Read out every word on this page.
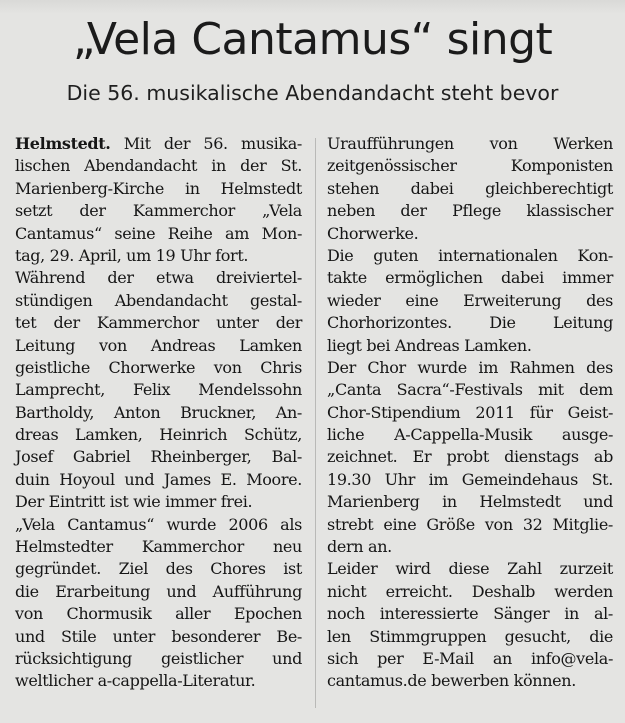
„Vela Cantamus“ singt
Die 56. musikalische Abendandacht steht bevor
Helmstedt. Mit der 56. musika-
lischen Abendandacht in der St.
Marienberg-Kirche in Helmstedt
setzt der Kammerchor „Vela
Cantamus“ seine Reihe am Mon-
tag, 29. April, um 19 Uhr fort.
Während der etwa dreiviertel-
stündigen Abendandacht gestal-
tet der Kammerchor unter der
Leitung von Andreas Lamken
geistliche Chorwerke von Chris
Lamprecht, Felix Mendelssohn
Bartholdy, Anton Bruckner, An-
dreas Lamken, Heinrich Schütz,
Josef Gabriel Rheinberger, Bal-
duin Hoyoul und James E. Moore.
Der Eintritt ist wie immer frei.
„Vela Cantamus“ wurde 2006 als
Helmstedter Kammerchor neu
gegründet. Ziel des Chores ist
die Erarbeitung und Aufführung
von Chormusik aller Epochen
und Stile unter besonderer Be-
rücksichtigung geistlicher und
weltlicher a-cappella-Literatur.
Uraufführungen von Werken
zeitgenössischer Komponisten
stehen dabei gleichberechtigt
neben der Pflege klassischer
Chorwerke.
Die guten internationalen Kon-
takte ermöglichen dabei immer
wieder eine Erweiterung des
Chorhorizontes. Die Leitung
liegt bei Andreas Lamken.
Der Chor wurde im Rahmen des
„Canta Sacra“-Festivals mit dem
Chor-Stipendium 2011 für Geist-
liche A-Cappella-Musik ausge-
zeichnet. Er probt dienstags ab
19.30 Uhr im Gemeindehaus St.
Marienberg in Helmstedt und
strebt eine Größe von 32 Mitglie-
dern an.
Leider wird diese Zahl zurzeit
nicht erreicht. Deshalb werden
noch interessierte Sänger in al-
len Stimmgruppen gesucht, die
sich per E-Mail an info@vela-
cantamus.de bewerben können.
